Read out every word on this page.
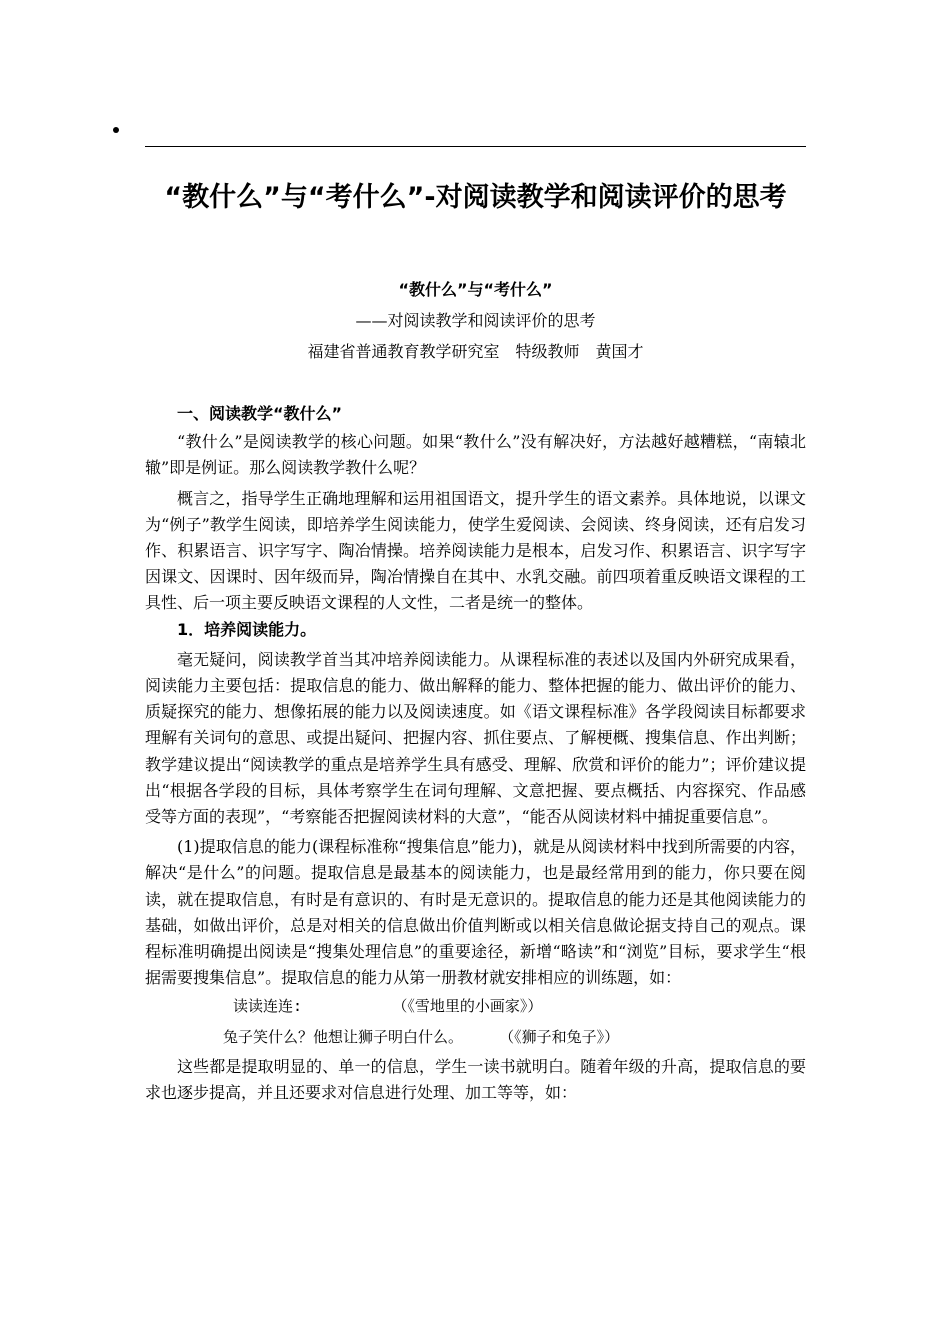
“教什么”与“考什么”-对阅读教学和阅读评价的思考
“教什么”与“考什么”
——对阅读教学和阅读评价的思考
福建省普通教育教学研究室　特级教师　黄国才
一、阅读教学“教什么”

“教什么”是阅读教学的核心问题。如果“教什么”没有解决好，方法越好越糟糕，“南辕北辙”即是例证。那么阅读教学教什么呢？

概言之，指导学生正确地理解和运用祖国语文，提升学生的语文素养。具体地说，以课文为“例子”教学生阅读，即培养学生阅读能力，使学生爱阅读、会阅读、终身阅读，还有启发习作、积累语言、识字写字、陶冶情操。培养阅读能力是根本，启发习作、积累语言、识字写字因课文、因课时、因年级而异，陶冶情操自在其中、水乳交融。前四项着重反映语文课程的工具性、后一项主要反映语文课程的人文性，二者是统一的整体。

1．培养阅读能力。

毫无疑问，阅读教学首当其冲培养阅读能力。从课程标准的表述以及国内外研究成果看，阅读能力主要包括：提取信息的能力、做出解释的能力、整体把握的能力、做出评价的能力、质疑探究的能力、想像拓展的能力以及阅读速度。如《语文课程标准》各学段阅读目标都要求理解有关词句的意思、或提出疑问、把握内容、抓住要点、了解梗概、搜集信息、作出判断；教学建议提出“阅读教学的重点是培养学生具有感受、理解、欣赏和评价的能力”；评价建议提出“根据各学段的目标，具体考察学生在词句理解、文意把握、要点概括、内容探究、作品感受等方面的表现”，“考察能否把握阅读材料的大意”，“能否从阅读材料中捕捉重要信息”。

(1)提取信息的能力(课程标准称“搜集信息”能力)，就是从阅读材料中找到所需要的内容，解决“是什么”的问题。提取信息是最基本的阅读能力，也是最经常用到的能力，你只要在阅读，就在提取信息，有时是有意识的、有时是无意识的。提取信息的能力还是其他阅读能力的基础，如做出评价，总是对相关的信息做出价值判断或以相关信息做论据支持自己的观点。课程标准明确提出阅读是“搜集处理信息”的重要途径，新增“略读”和“浏览”目标，要求学生“根据需要搜集信息”。提取信息的能力从第一册教材就安排相应的训练题，如：

读读连连:	（《雪地里的小画家》）
兔子笑什么？他想让狮子明白什么。 （《狮子和兔子》）

这些都是提取明显的、单一的信息，学生一读书就明白。随着年级的升高，提取信息的要求也逐步提高，并且还要求对信息进行处理、加工等等，如：
